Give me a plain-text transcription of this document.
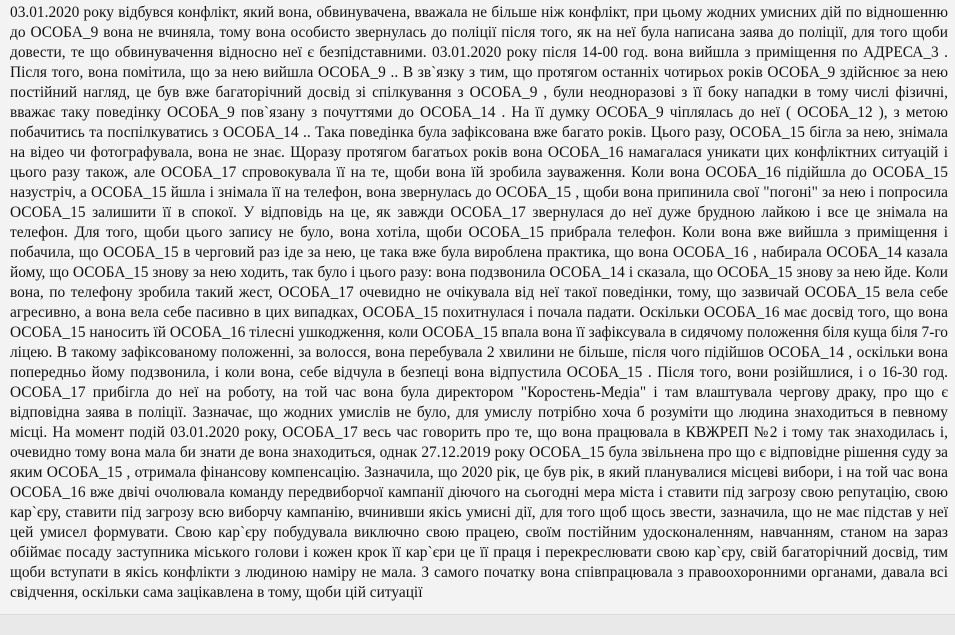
03.01.2020 року відбувся конфлікт, який вона, обвинувачена, вважала не більше ніж конфлікт, при цьому жодних умисних дій по відношенню до ОСОБА_9 вона не вчиняла, тому вона особисто звернулась до поліції після того, як на неї була написана заява до поліції, для того щоби довести, те що обвинувачення відносно неї є безпідставними. 03.01.2020 року після 14-00 год. вона вийшла з приміщення по АДРЕСА_3 . Після того, вона помітила, що за нею вийшла ОСОБА_9 .. В зв`язку з тим, що протягом останніх чотирьох років ОСОБА_9 здійснює за нею постійний нагляд, це був вже багаторічний досвід зі спілкування з ОСОБА_9 , були неодноразові з її боку нападки в тому числі фізичні, вважає таку поведінку ОСОБА_9 пов`язану з почуттями до ОСОБА_14 . На її думку ОСОБА_9 чіплялась до неї ( ОСОБА_12 ), з метою побачитись та поспілкуватись з ОСОБА_14 .. Така поведінка була зафіксована вже багато років. Цього разу, ОСОБА_15 бігла за нею, знімала на відео чи фотографувала, вона не знає. Щоразу протягом багатьох років вона ОСОБА_16 намагалася уникати цих конфліктних ситуацій і цього разу також, але ОСОБА_17 спровокувала її на те, щоби вона їй зробила зауваження. Коли вона ОСОБА_16 підійшла до ОСОБА_15 назустріч, а ОСОБА_15 йшла і знімала її на телефон, вона звернулась до ОСОБА_15 , щоби вона припинила свої "погоні" за нею і попросила ОСОБА_15 залишити її в спокої. У відповідь на це, як завжди ОСОБА_17 звернулася до неї дуже брудною лайкою і все це знімала на телефон. Для того, щоби цього запису не було, вона хотіла, щоби ОСОБА_15 прибрала телефон. Коли вона вже вийшла з приміщення і побачила, що ОСОБА_15 в черговий раз іде за нею, це така вже була вироблена практика, що вона ОСОБА_16 , набирала ОСОБА_14 казала йому, що ОСОБА_15 знову за нею ходить, так було і цього разу: вона подзвонила ОСОБА_14 і сказала, що ОСОБА_15 знову за нею йде. Коли вона, по телефону зробила такий жест, ОСОБА_17 очевидно не очікувала від неї такої поведінки, тому, що зазвичай ОСОБА_15 вела себе агресивно, а вона вела себе пасивно в цих випадках, ОСОБА_15 похитнулася і почала падати. Оскільки ОСОБА_16 має досвід того, що вона ОСОБА_15 наносить їй ОСОБА_16 тілесні ушкодження, коли ОСОБА_15 впала вона її зафіксувала в сидячому положення біля куща біля 7-го ліцею. В такому зафіксованому положенні, за волосся, вона перебувала 2 хвилини не більше, після чого підійшов ОСОБА_14 , оскільки вона попередньо йому подзвонила, і коли вона, себе відчула в безпеці вона відпустила ОСОБА_15 . Після того, вони розійшлися, і о 16-30 год. ОСОБА_17 прибігла до неї на роботу, на той час вона була директором "Коростень-Медіа" і там влаштувала чергову драку, про що є відповідна заява в поліції. Зазначає, що жодних умислів не було, для умислу потрібно хоча б розуміти що людина знаходиться в певному місці. На момент подій 03.01.2020 року, ОСОБА_17 весь час говорить про те, що вона працювала в КВЖРЕП №2 і тому так знаходилась і, очевидно тому вона мала би знати де вона знаходиться, однак 27.12.2019 року ОСОБА_15 була звільнена про що є відповідне рішення суду за яким ОСОБА_15 , отримала фінансову компенсацію. Зазначила, що 2020 рік, це був рік, в який планувалися місцеві вибори, і на той час вона ОСОБА_16 вже двічі очолювала команду передвиборчої кампанії діючого на сьогодні мера міста і ставити під загрозу свою репутацію, свою кар`єру, ставити під загрозу всю виборчу кампанію, вчинивши якісь умисні дії, для того щоб щось звести, зазначила, що не має підстав у неї цей умисел формувати. Свою кар`єру побудувала виключно свою працею, своїм постійним удосконаленням, навчанням, станом на зараз обіймає посаду заступника міського голови і кожен крок її кар`єри це її праця і перекреслювати свою кар`єру, свій багаторічний досвід, тим щоби вступати в якісь конфлікти з людиною наміру не мала. З самого початку вона співпрацювала з правоохоронними органами, давала всі свідчення, оскільки сама зацікавлена в тому, щоби цій ситуації
